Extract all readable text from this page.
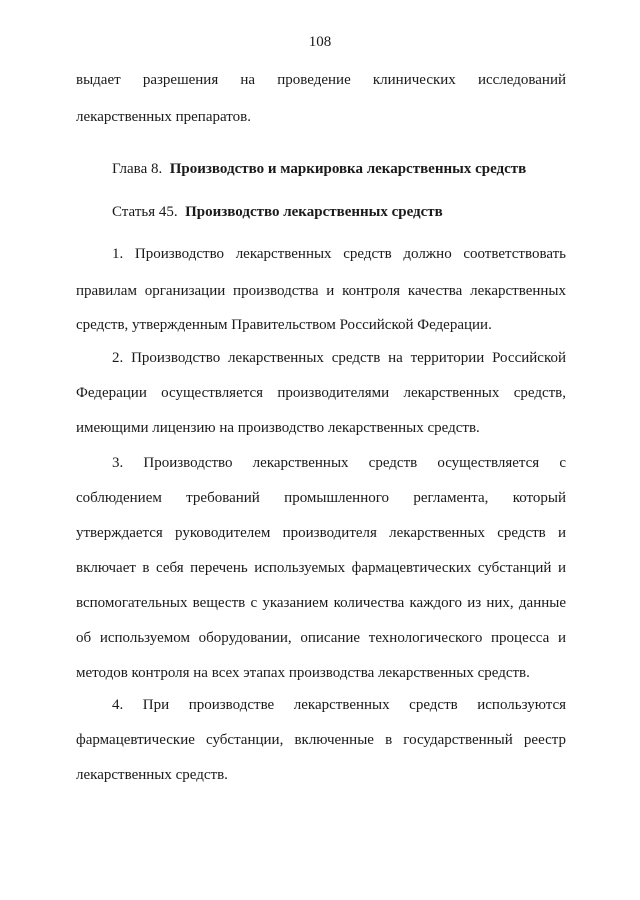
108
выдает разрешения на проведение клинических исследований
лекарственных препаратов.
Глава 8. Производство и маркировка лекарственных средств
Статья 45. Производство лекарственных средств
1. Производство лекарственных средств должно соответствовать
правилам организации производства и контроля качества лекарственных
средств, утвержденным Правительством Российской Федерации.
2. Производство лекарственных средств на территории Российской
Федерации осуществляется производителями лекарственных средств,
имеющими лицензию на производство лекарственных средств.
3. Производство лекарственных средств осуществляется с
соблюдением требований промышленного регламента, который
утверждается руководителем производителя лекарственных средств и
включает в себя перечень используемых фармацевтических субстанций и
вспомогательных веществ с указанием количества каждого из них, данные
об используемом оборудовании, описание технологического процесса и
методов контроля на всех этапах производства лекарственных средств.
4. При производстве лекарственных средств используются
фармацевтические субстанции, включенные в государственный реестр
лекарственных средств.
